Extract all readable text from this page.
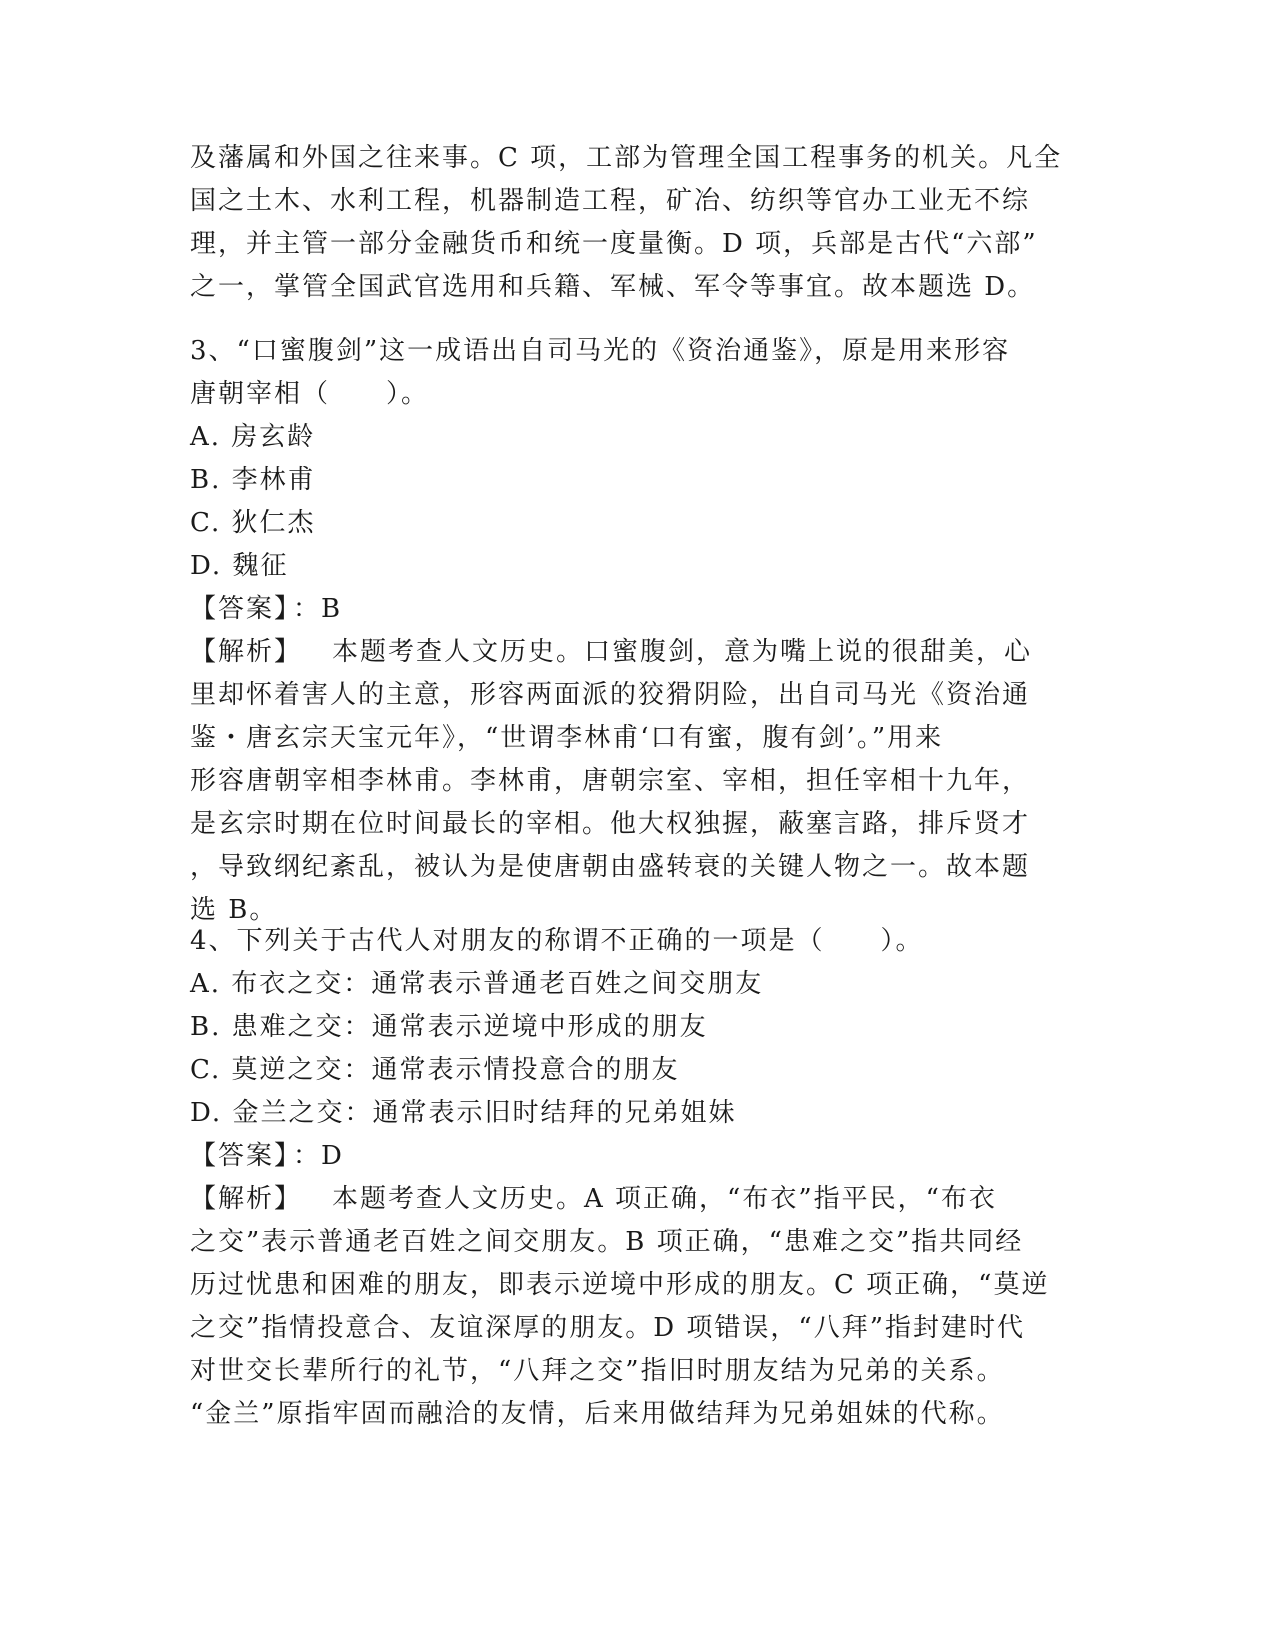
及藩属和外国之往来事。C 项，工部为管理全国工程事务的机关。凡全
国之土木、水利工程，机器制造工程，矿冶、纺织等官办工业无不综
理，并主管一部分金融货币和统一度量衡。D 项，兵部是古代“六部”
之一，掌管全国武官选用和兵籍、军械、军令等事宜。故本题选 D。
3、“口蜜腹剑”这一成语出自司马光的《资治通鉴》，原是用来形容
唐朝宰相（　　）。
A. 房玄龄
B. 李林甫
C. 狄仁杰
D. 魏征
【答案】 ：B
【解析】 本题考查人文历史。口蜜腹剑，意为嘴上说的很甜美，心
里却怀着害人的主意，形容两面派的狡猾阴险，出自司马光《资治通
鉴・唐玄宗天宝元年》，“世谓李林甫‘口有蜜，腹有剑’。”用来
形容唐朝宰相李林甫。李林甫，唐朝宗室、宰相，担任宰相十九年，
是玄宗时期在位时间最长的宰相。他大权独握，蔽塞言路，排斥贤才
，导致纲纪紊乱，被认为是使唐朝由盛转衰的关键人物之一。故本题
选 B。
4、下列关于古代人对朋友的称谓不正确的一项是（　　）。
A. 布衣之交：通常表示普通老百姓之间交朋友
B. 患难之交：通常表示逆境中形成的朋友
C. 莫逆之交：通常表示情投意合的朋友
D. 金兰之交：通常表示旧时结拜的兄弟姐妹
【答案】 ：D
【解析】 本题考查人文历史。A 项正确，“布衣”指平民，“布衣
之交”表示普通老百姓之间交朋友。B 项正确，“患难之交”指共同经
历过忧患和困难的朋友，即表示逆境中形成的朋友。C 项正确，“莫逆
之交”指情投意合、友谊深厚的朋友。D 项错误，“八拜”指封建时代
对世交长辈所行的礼节，“八拜之交”指旧时朋友结为兄弟的关系。
“金兰”原指牢固而融洽的友情，后来用做结拜为兄弟姐妹的代称。
